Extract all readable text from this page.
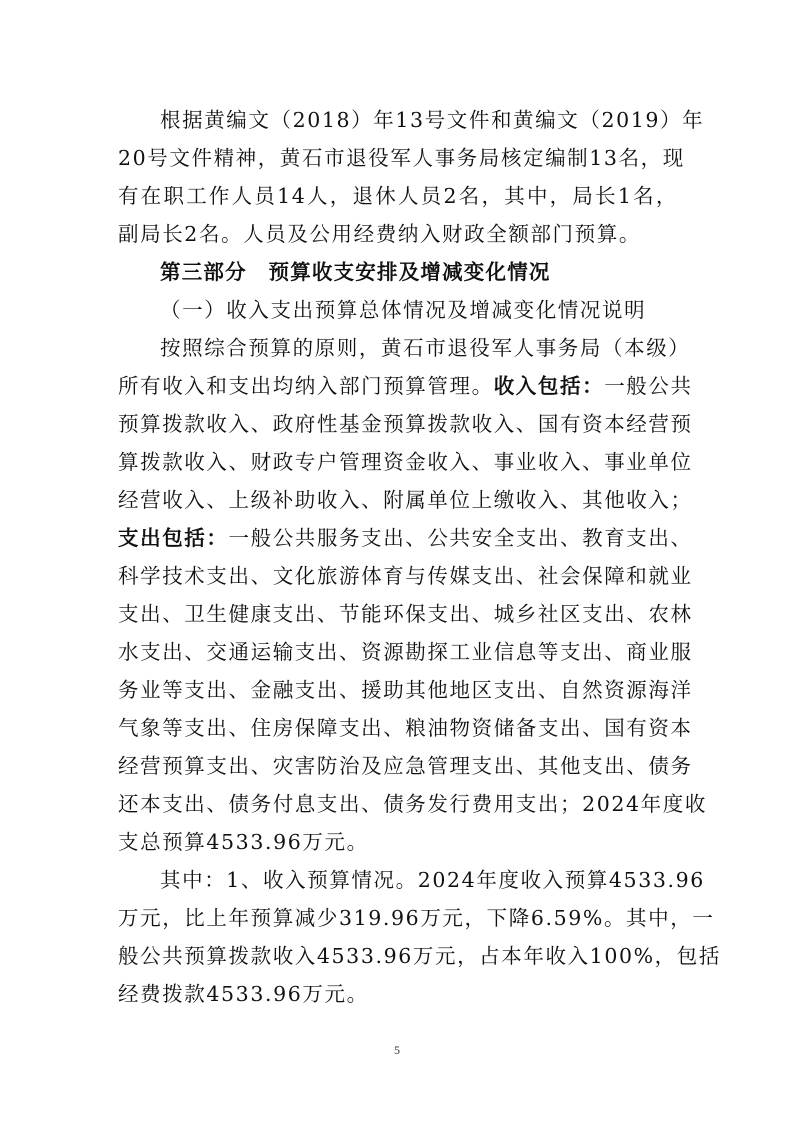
根据黄编文（2018）年13号文件和黄编文（2019）年
20号文件精神，黄石市退役军人事务局核定编制13名，现
有在职工作人员14人，退休人员2名，其中，局长1名，
副局长2名。人员及公用经费纳入财政全额部门预算。
第三部分　预算收支安排及增减变化情况
（一）收入支出预算总体情况及增减变化情况说明
按照综合预算的原则，黄石市退役军人事务局（本级）
所有收入和支出均纳入部门预算管理。收入包括：一般公共
预算拨款收入、政府性基金预算拨款收入、国有资本经营预
算拨款收入、财政专户管理资金收入、事业收入、事业单位
经营收入、上级补助收入、附属单位上缴收入、其他收入；
支出包括：一般公共服务支出、公共安全支出、教育支出、
科学技术支出、文化旅游体育与传媒支出、社会保障和就业
支出、卫生健康支出、节能环保支出、城乡社区支出、农林
水支出、交通运输支出、资源勘探工业信息等支出、商业服
务业等支出、金融支出、援助其他地区支出、自然资源海洋
气象等支出、住房保障支出、粮油物资储备支出、国有资本
经营预算支出、灾害防治及应急管理支出、其他支出、债务
还本支出、债务付息支出、债务发行费用支出；2024年度收
支总预算4533.96万元。
其中：1、收入预算情况。2024年度收入预算4533.96
万元，比上年预算减少319.96万元，下降6.59%。其中，一
般公共预算拨款收入4533.96万元，占本年收入100%，包括
经费拨款4533.96万元。
5
